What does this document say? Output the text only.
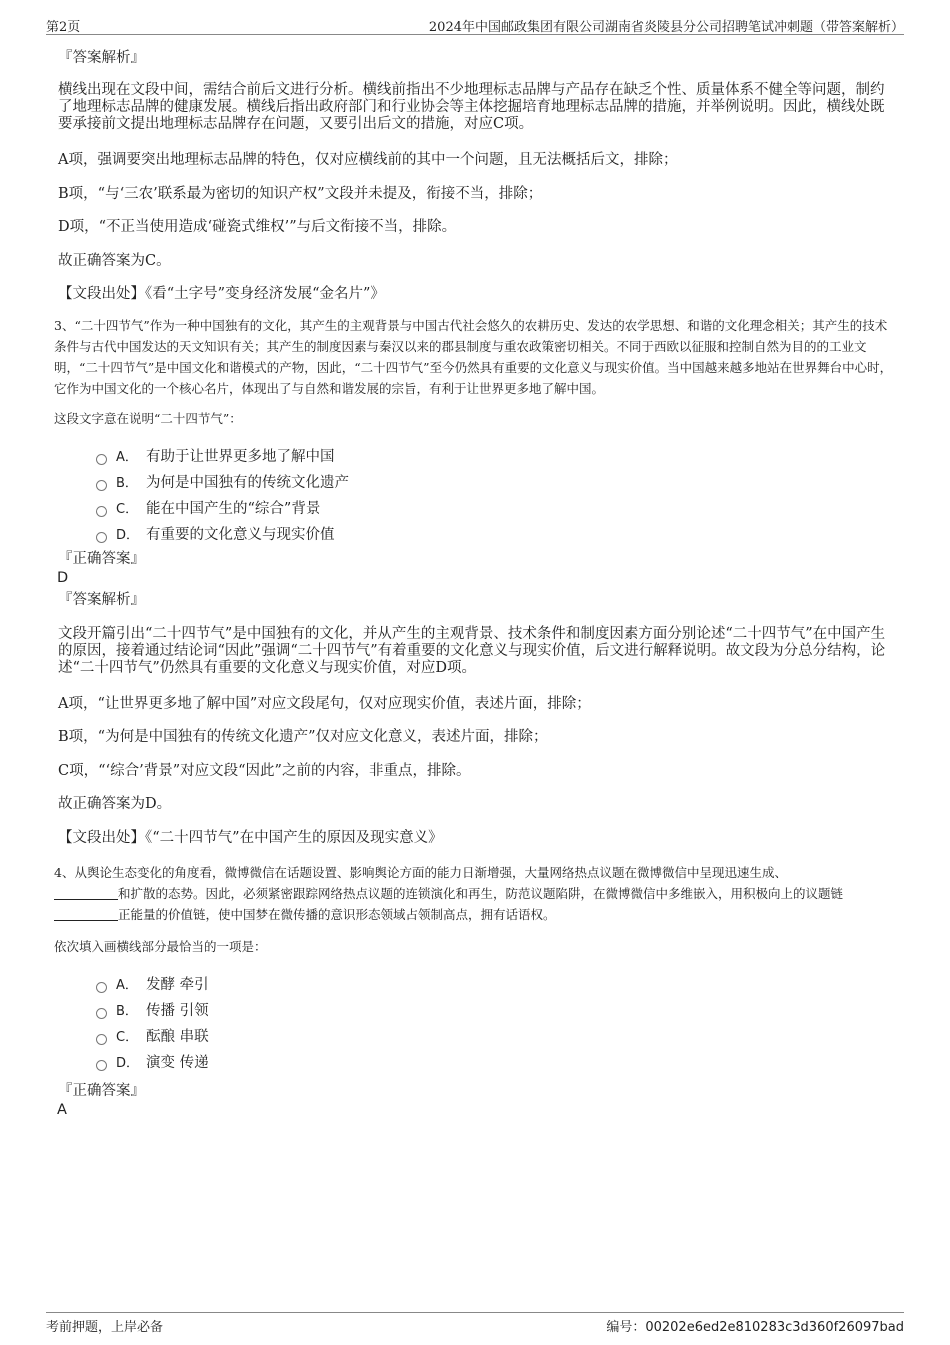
第2页	2024年中国邮政集团有限公司湖南省炎陵县分公司招聘笔试冲刺题（带答案解析）
『答案解析』
横线出现在文段中间，需结合前后文进行分析。横线前指出不少地理标志品牌与产品存在缺乏个性、质量体系不健全等问题，制约了地理标志品牌的健康发展。横线后指出政府部门和行业协会等主体挖掘培育地理标志品牌的措施，并举例说明。因此，横线处既要承接前文提出地理标志品牌存在问题，又要引出后文的措施，对应C项。
A项，强调要突出地理标志品牌的特色，仅对应横线前的其中一个问题，且无法概括后文，排除；
B项，“与‘三农’联系最为密切的知识产权”文段并未提及，衔接不当，排除；
D项，“不正当使用造成‘碰瓷式维权’”与后文衔接不当，排除。
故正确答案为C。
【文段出处】《看“土字号”变身经济发展“金名片”》
3、“二十四节气”作为一种中国独有的文化，其产生的主观背景与中国古代社会悠久的农耕历史、发达的农学思想、和谐的文化理念相关；其产生的技术条件与古代中国发达的天文知识有关；其产生的制度因素与秦汉以来的郡县制度与重农政策密切相关。不同于西欧以征服和控制自然为目的的工业文明，“二十四节气”是中国文化和谐模式的产物，因此，“二十四节气”至今仍然具有重要的文化意义与现实价值。当中国越来越多地站在世界舞台中心时，它作为中国文化的一个核心名片，体现出了与自然和谐发展的宗旨，有利于让世界更多地了解中国。
这段文字意在说明“二十四节气”：
A． 有助于让世界更多地了解中国
B． 为何是中国独有的传统文化遗产
C． 能在中国产生的“综合”背景
D． 有重要的文化意义与现实价值
『正确答案』
D
『答案解析』
文段开篇引出“二十四节气”是中国独有的文化，并从产生的主观背景、技术条件和制度因素方面分别论述“二十四节气”在中国产生的原因，接着通过结论词“因此”强调“二十四节气”有着重要的文化意义与现实价值，后文进行解释说明。故文段为分总分结构，论述“二十四节气”仍然具有重要的文化意义与现实价值，对应D项。
A项，“让世界更多地了解中国”对应文段尾句，仅对应现实价值，表述片面，排除；
B项，“为何是中国独有的传统文化遗产”仅对应文化意义，表述片面，排除；
C项，“‘综合’背景”对应文段“因此”之前的内容，非重点，排除。
故正确答案为D。
【文段出处】《“二十四节气”在中国产生的原因及现实意义》
4、从舆论生态变化的角度看，微博微信在话题设置、影响舆论方面的能力日渐增强，大量网络热点议题在微博微信中呈现迅速生成、
和扩散的态势。因此，必须紧密跟踪网络热点议题的连锁演化和再生，防范议题陷阱，在微博微信中多维嵌入，用积极向上的议题链
正能量的价值链，使中国梦在微传播的意识形态领域占领制高点，拥有话语权。
依次填入画横线部分最恰当的一项是：
A． 发酵 牵引
B． 传播 引领
C． 酝酿 串联
D． 演变 传递
『正确答案』
A
考前押题，上岸必备	编号：00202e6ed2e810283c3d360f26097bad
